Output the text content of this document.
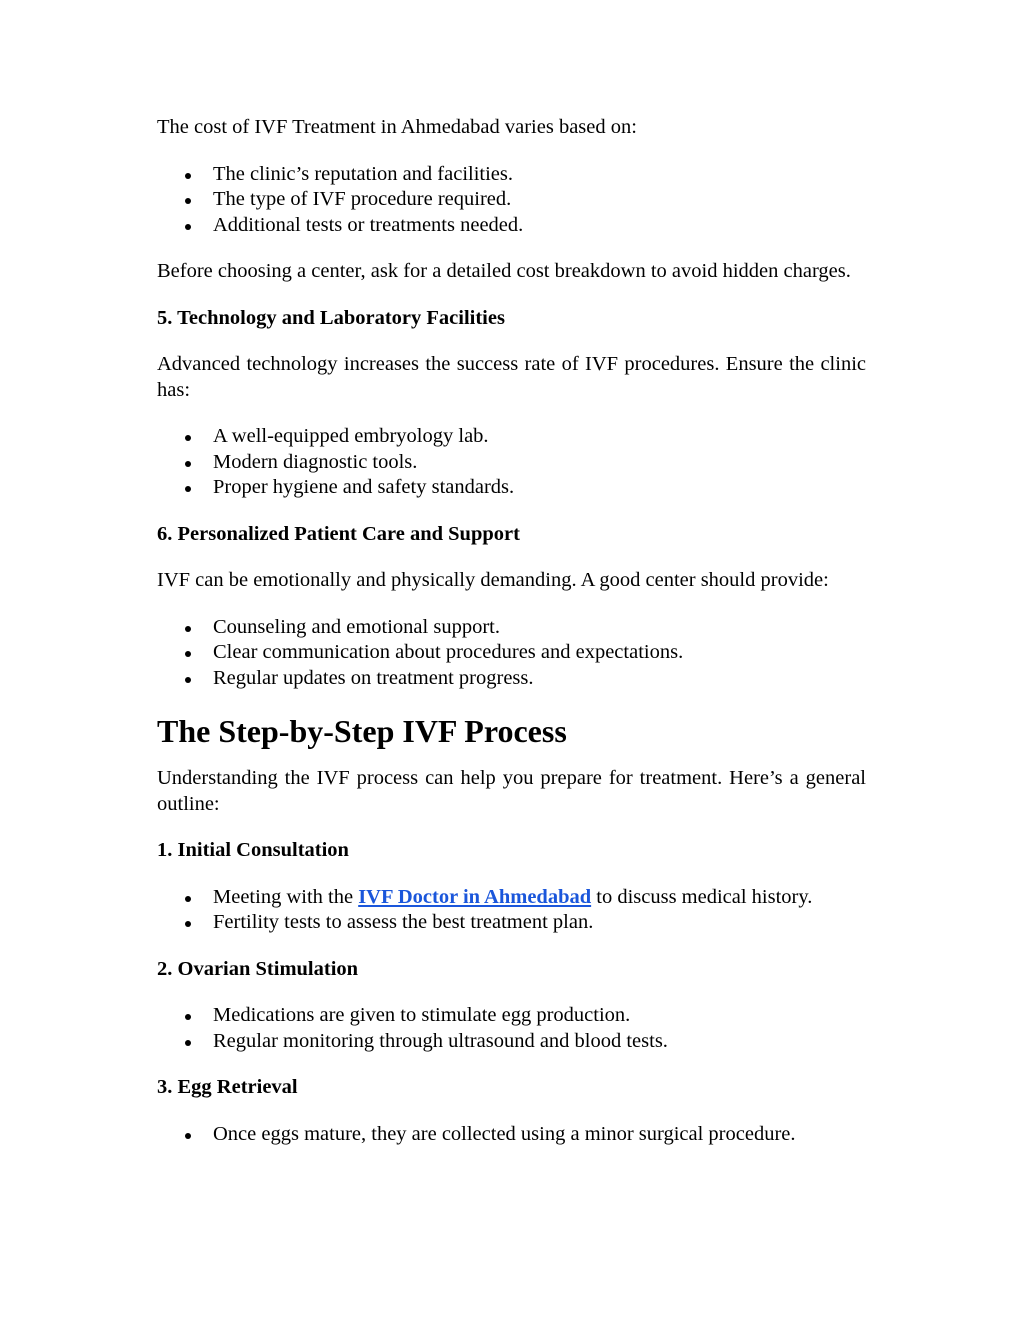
The cost of IVF Treatment in Ahmedabad varies based on:

The clinic’s reputation and facilities.
The type of IVF procedure required.
Additional tests or treatments needed.

Before choosing a center, ask for a detailed cost breakdown to avoid hidden charges.

5. Technology and Laboratory Facilities

Advanced technology increases the success rate of IVF procedures. Ensure the clinic has:

A well-equipped embryology lab.
Modern diagnostic tools.
Proper hygiene and safety standards.
6. Personalized Patient Care and Support

IVF can be emotionally and physically demanding. A good center should provide:

Counseling and emotional support.
Clear communication about procedures and expectations.
Regular updates on treatment progress.
The Step-by-Step IVF Process

Understanding the IVF process can help you prepare for treatment. Here’s a general outline:

1. Initial Consultation
Meeting with the IVF Doctor in Ahmedabad to discuss medical history.
Fertility tests to assess the best treatment plan.
2. Ovarian Stimulation
Medications are given to stimulate egg production.
Regular monitoring through ultrasound and blood tests.
3. Egg Retrieval
Once eggs mature, they are collected using a minor surgical procedure.
